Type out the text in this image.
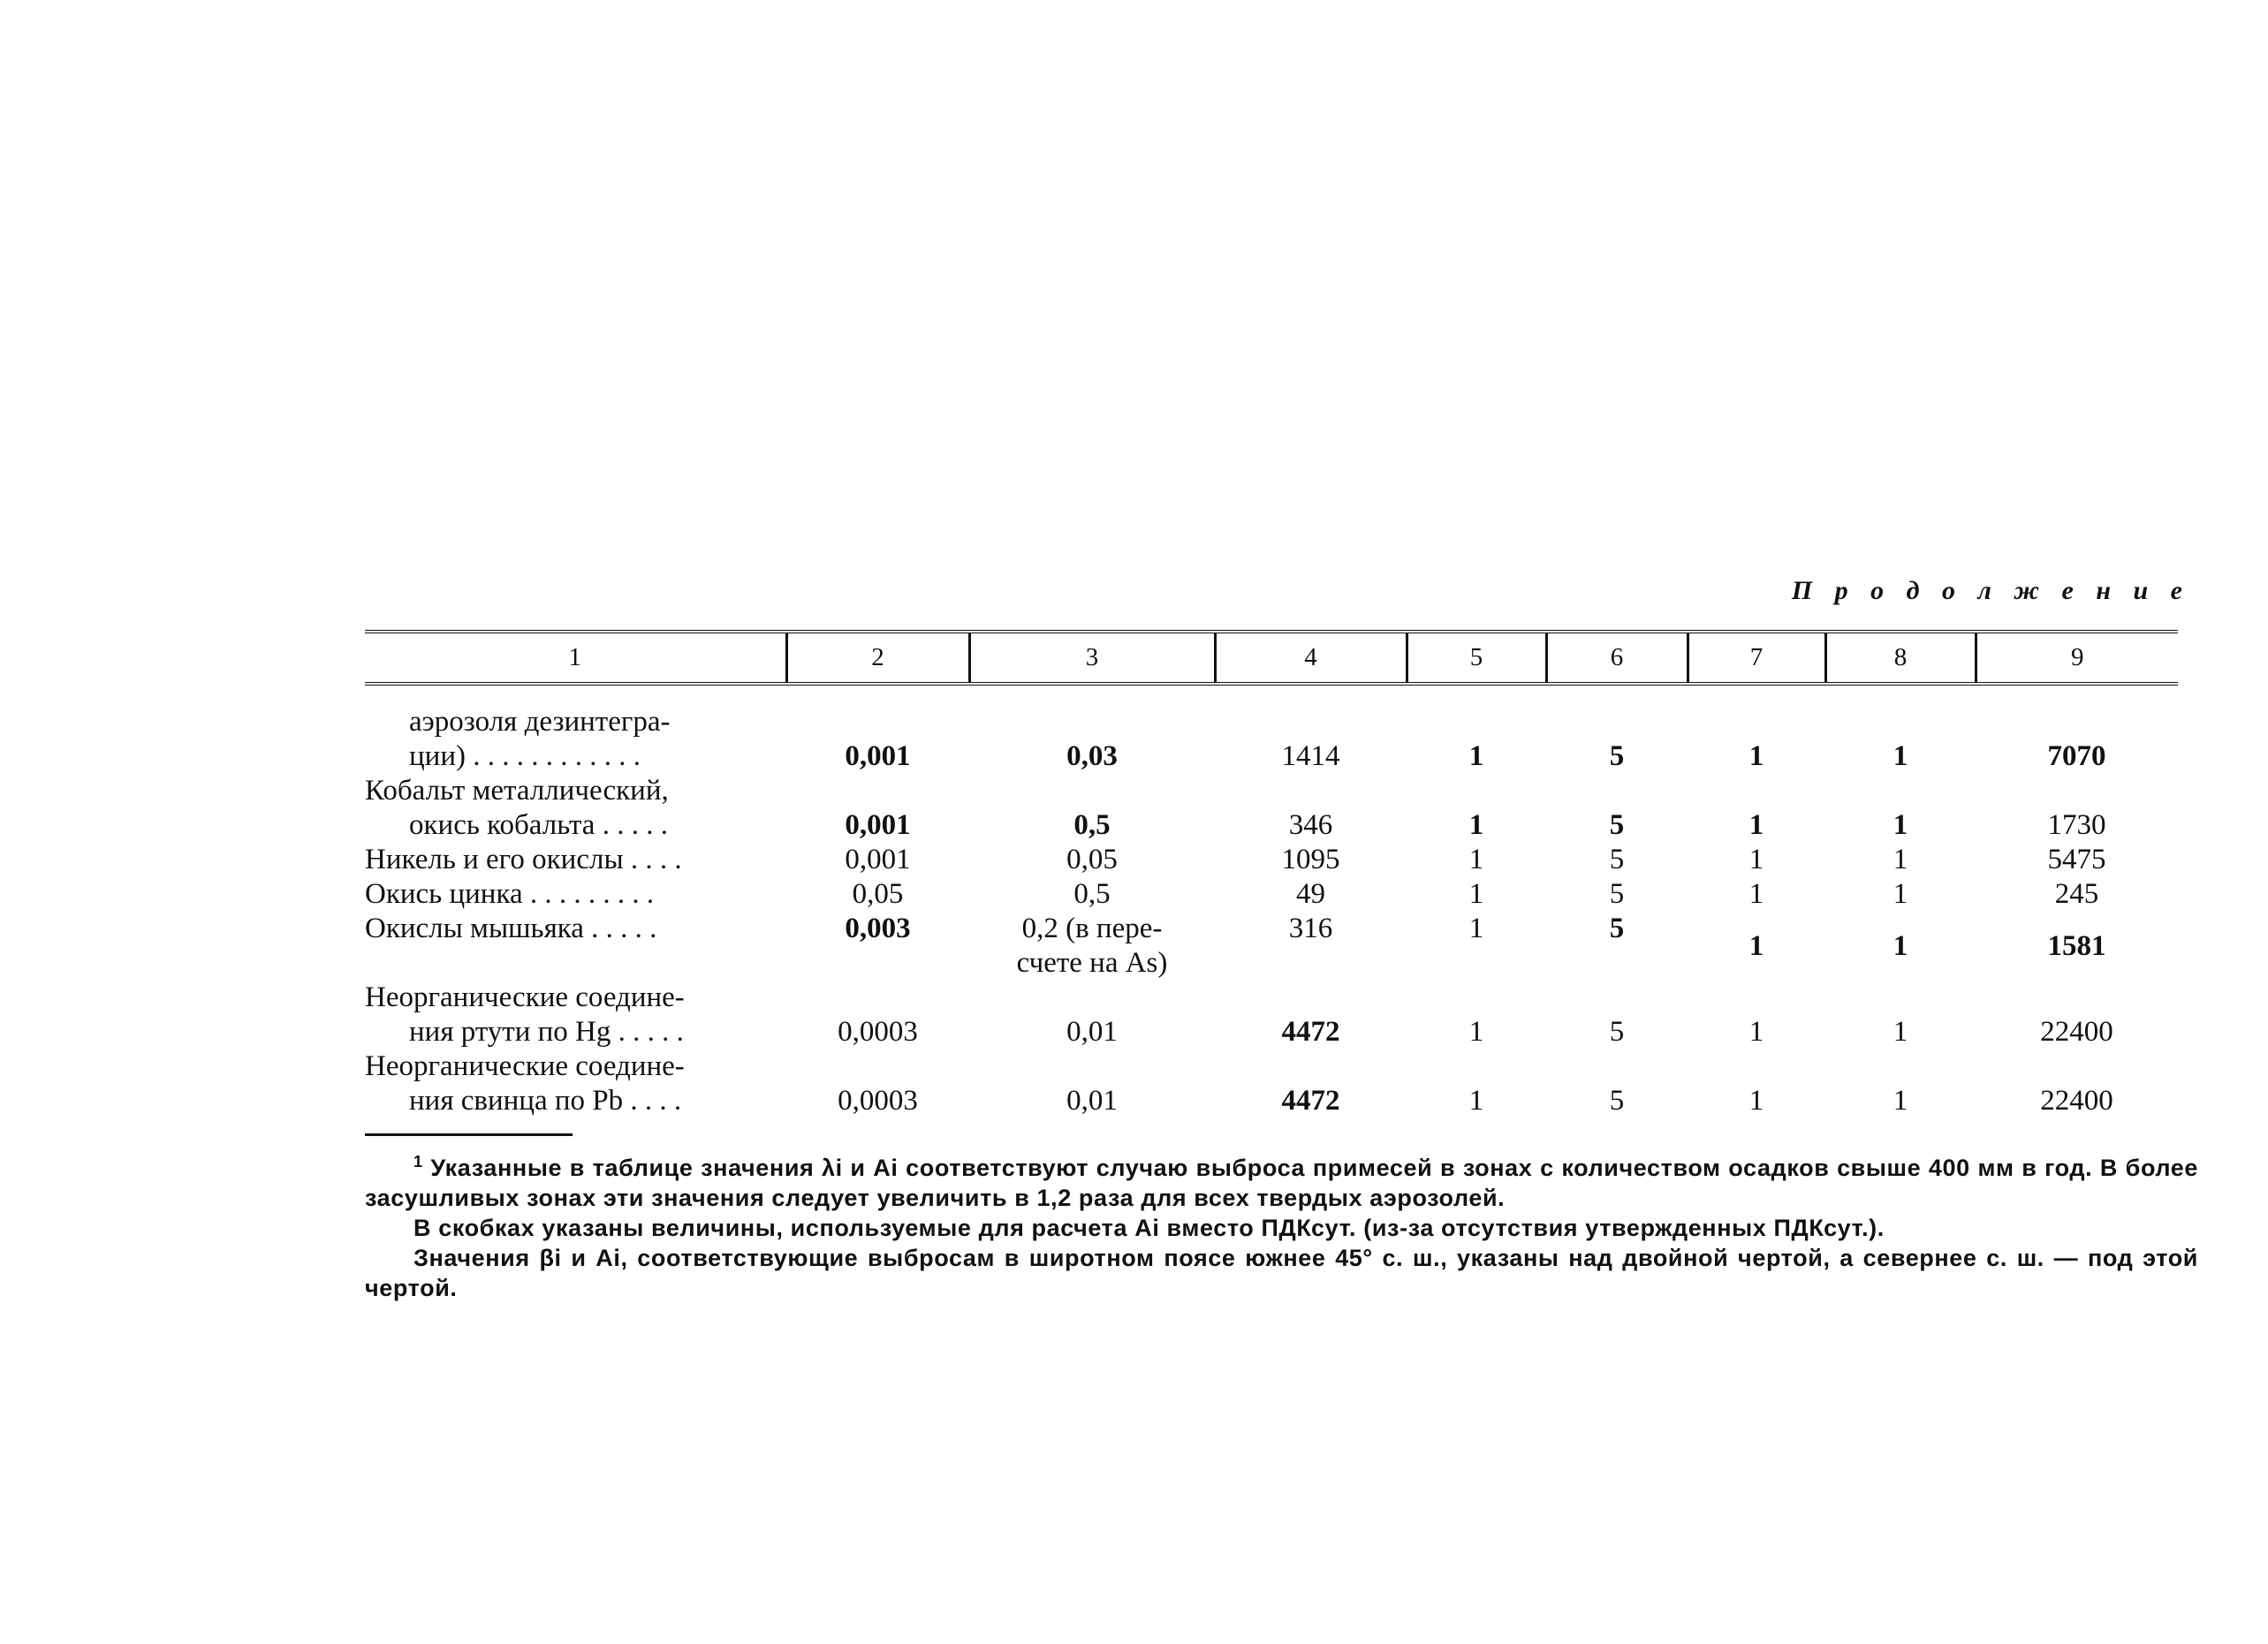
П р о д о л ж е н и е
1	2	3	4	5	6	7	8	9

аэрозоля дезинтегра-
ции) . . . . . . . . . . . .	0,001	0,03	1414	1	5	1	1	7070

Кобальт металлический,
окись кобальта . . . . .	0,001	0,5	346	1	5	1	1	1730

Никель и его окислы . . . .	0,001	0,05	1095	1	5	1	1	5475

Окись цинка . . . . . . . . .	0,05	0,5	49	1	5	1	1	245

Окислы мышьяка . . . . .	0,003	0,2 (в пере-
счете на As)	316	1	5	1	1	1581

Неорганические соедине-
ния ртути по Hg . . . . .	0,0003	0,01	4472	1	5	1	1	22400

Неорганические соедине-
ния свинца по Pb . . . .	0,0003	0,01	4472	1	5	1	1	22400

$^1$ Указанные в таблице значения λi и Ai соответствуют случаю выброса примесей в зонах с количеством осадков свыше 400 мм в год. В более засушливых зонах эти значения следует увеличить в 1,2 раза для всех твердых аэрозолей.

В скобках указаны величины, используемые для расчета Ai вместо ПДКсут. (из-за отсутствия утвержденных ПДКсут.).

Значения βi и Ai, соответствующие выбросам в широтном поясе южнее 45° с. ш., указаны над двойной чертой, а севернее с. ш. — под этой чертой.
